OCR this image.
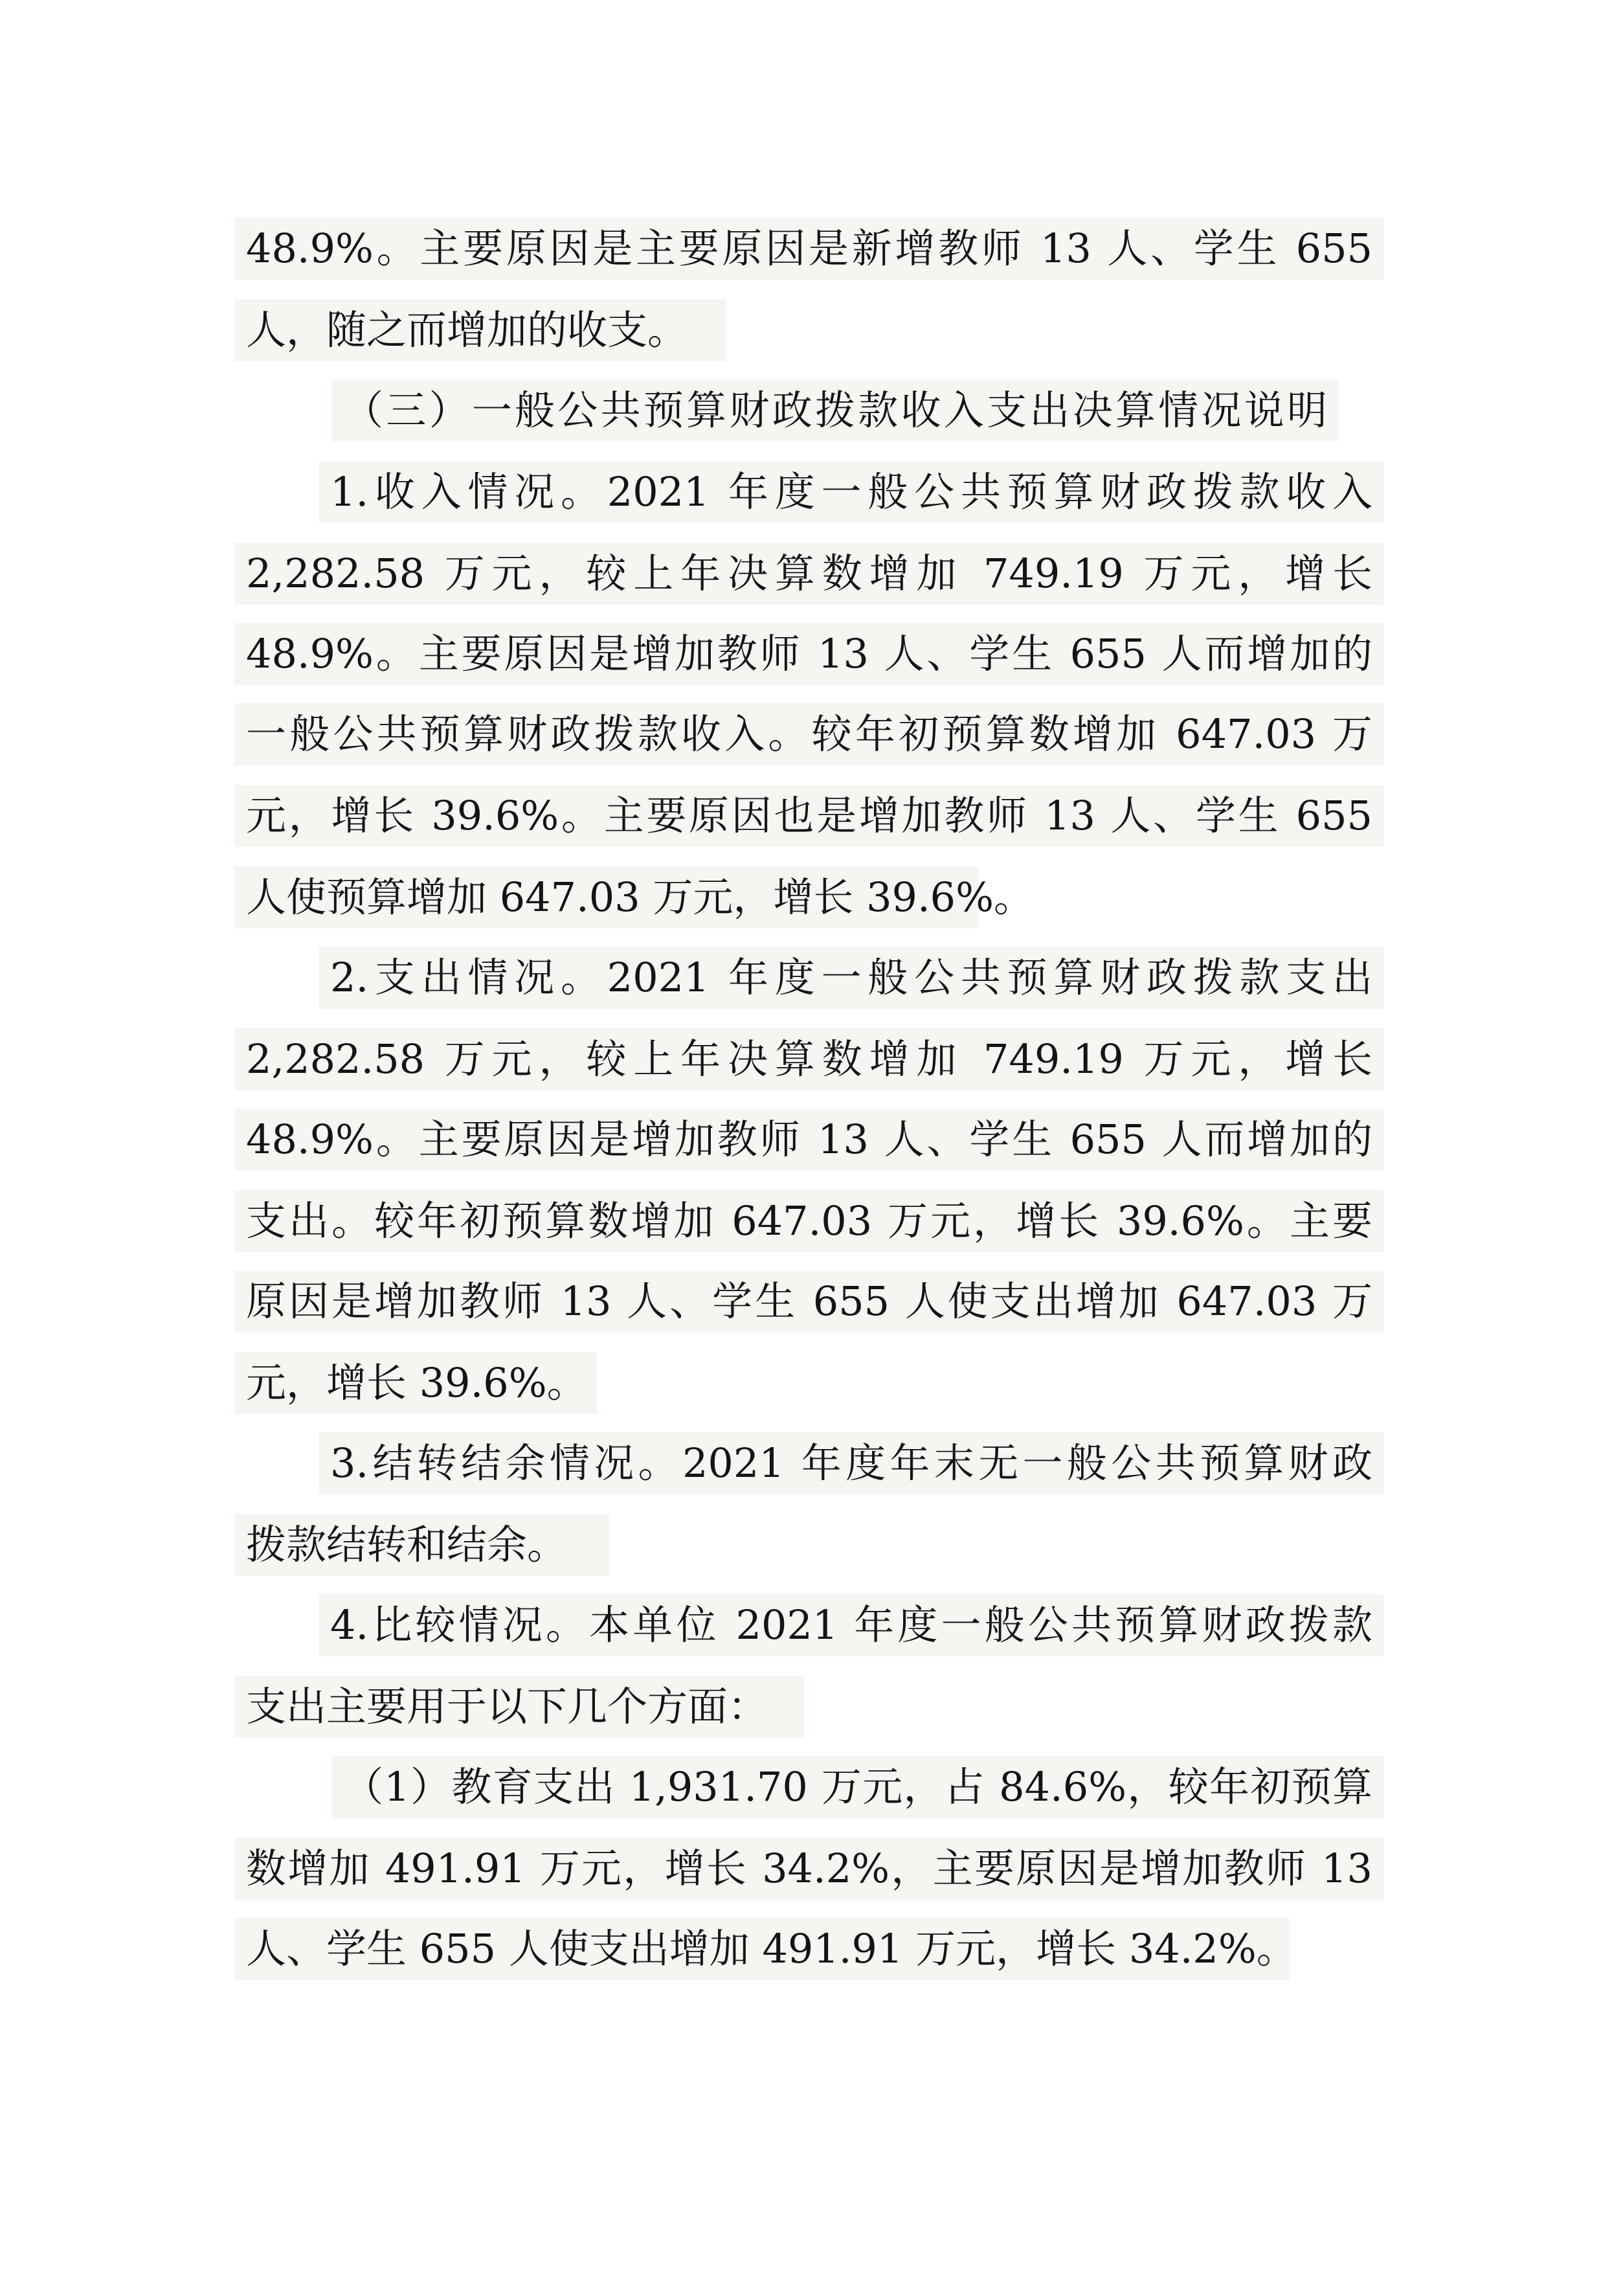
48.9%。主要原因是主要原因是新增教师 13 人、学生 655
人，随之而增加的收支。
（三）一般公共预算财政拨款收入支出决算情况说明
1.收入情况。2021 年度一般公共预算财政拨款收入
2,282.58 万元，较上年决算数增加 749.19 万元，增长
48.9%。主要原因是增加教师 13 人、学生 655 人而增加的
一般公共预算财政拨款收入。较年初预算数增加 647.03 万
元，增长 39.6%。主要原因也是增加教师 13 人、学生 655
人使预算增加 647.03 万元，增长 39.6%。
2.支出情况。2021 年度一般公共预算财政拨款支出
2,282.58 万元，较上年决算数增加 749.19 万元，增长
48.9%。主要原因是增加教师 13 人、学生 655 人而增加的
支出。较年初预算数增加 647.03 万元，增长 39.6%。主要
原因是增加教师 13 人、学生 655 人使支出增加 647.03 万
元，增长 39.6%。
3.结转结余情况。2021 年度年末无一般公共预算财政
拨款结转和结余。
4.比较情况。本单位 2021 年度一般公共预算财政拨款
支出主要用于以下几个方面：
（1）教育支出 1,931.70 万元，占 84.6%，较年初预算
数增加 491.91 万元，增长 34.2%，主要原因是增加教师 13
人、学生 655 人使支出增加 491.91 万元，增长 34.2%。
